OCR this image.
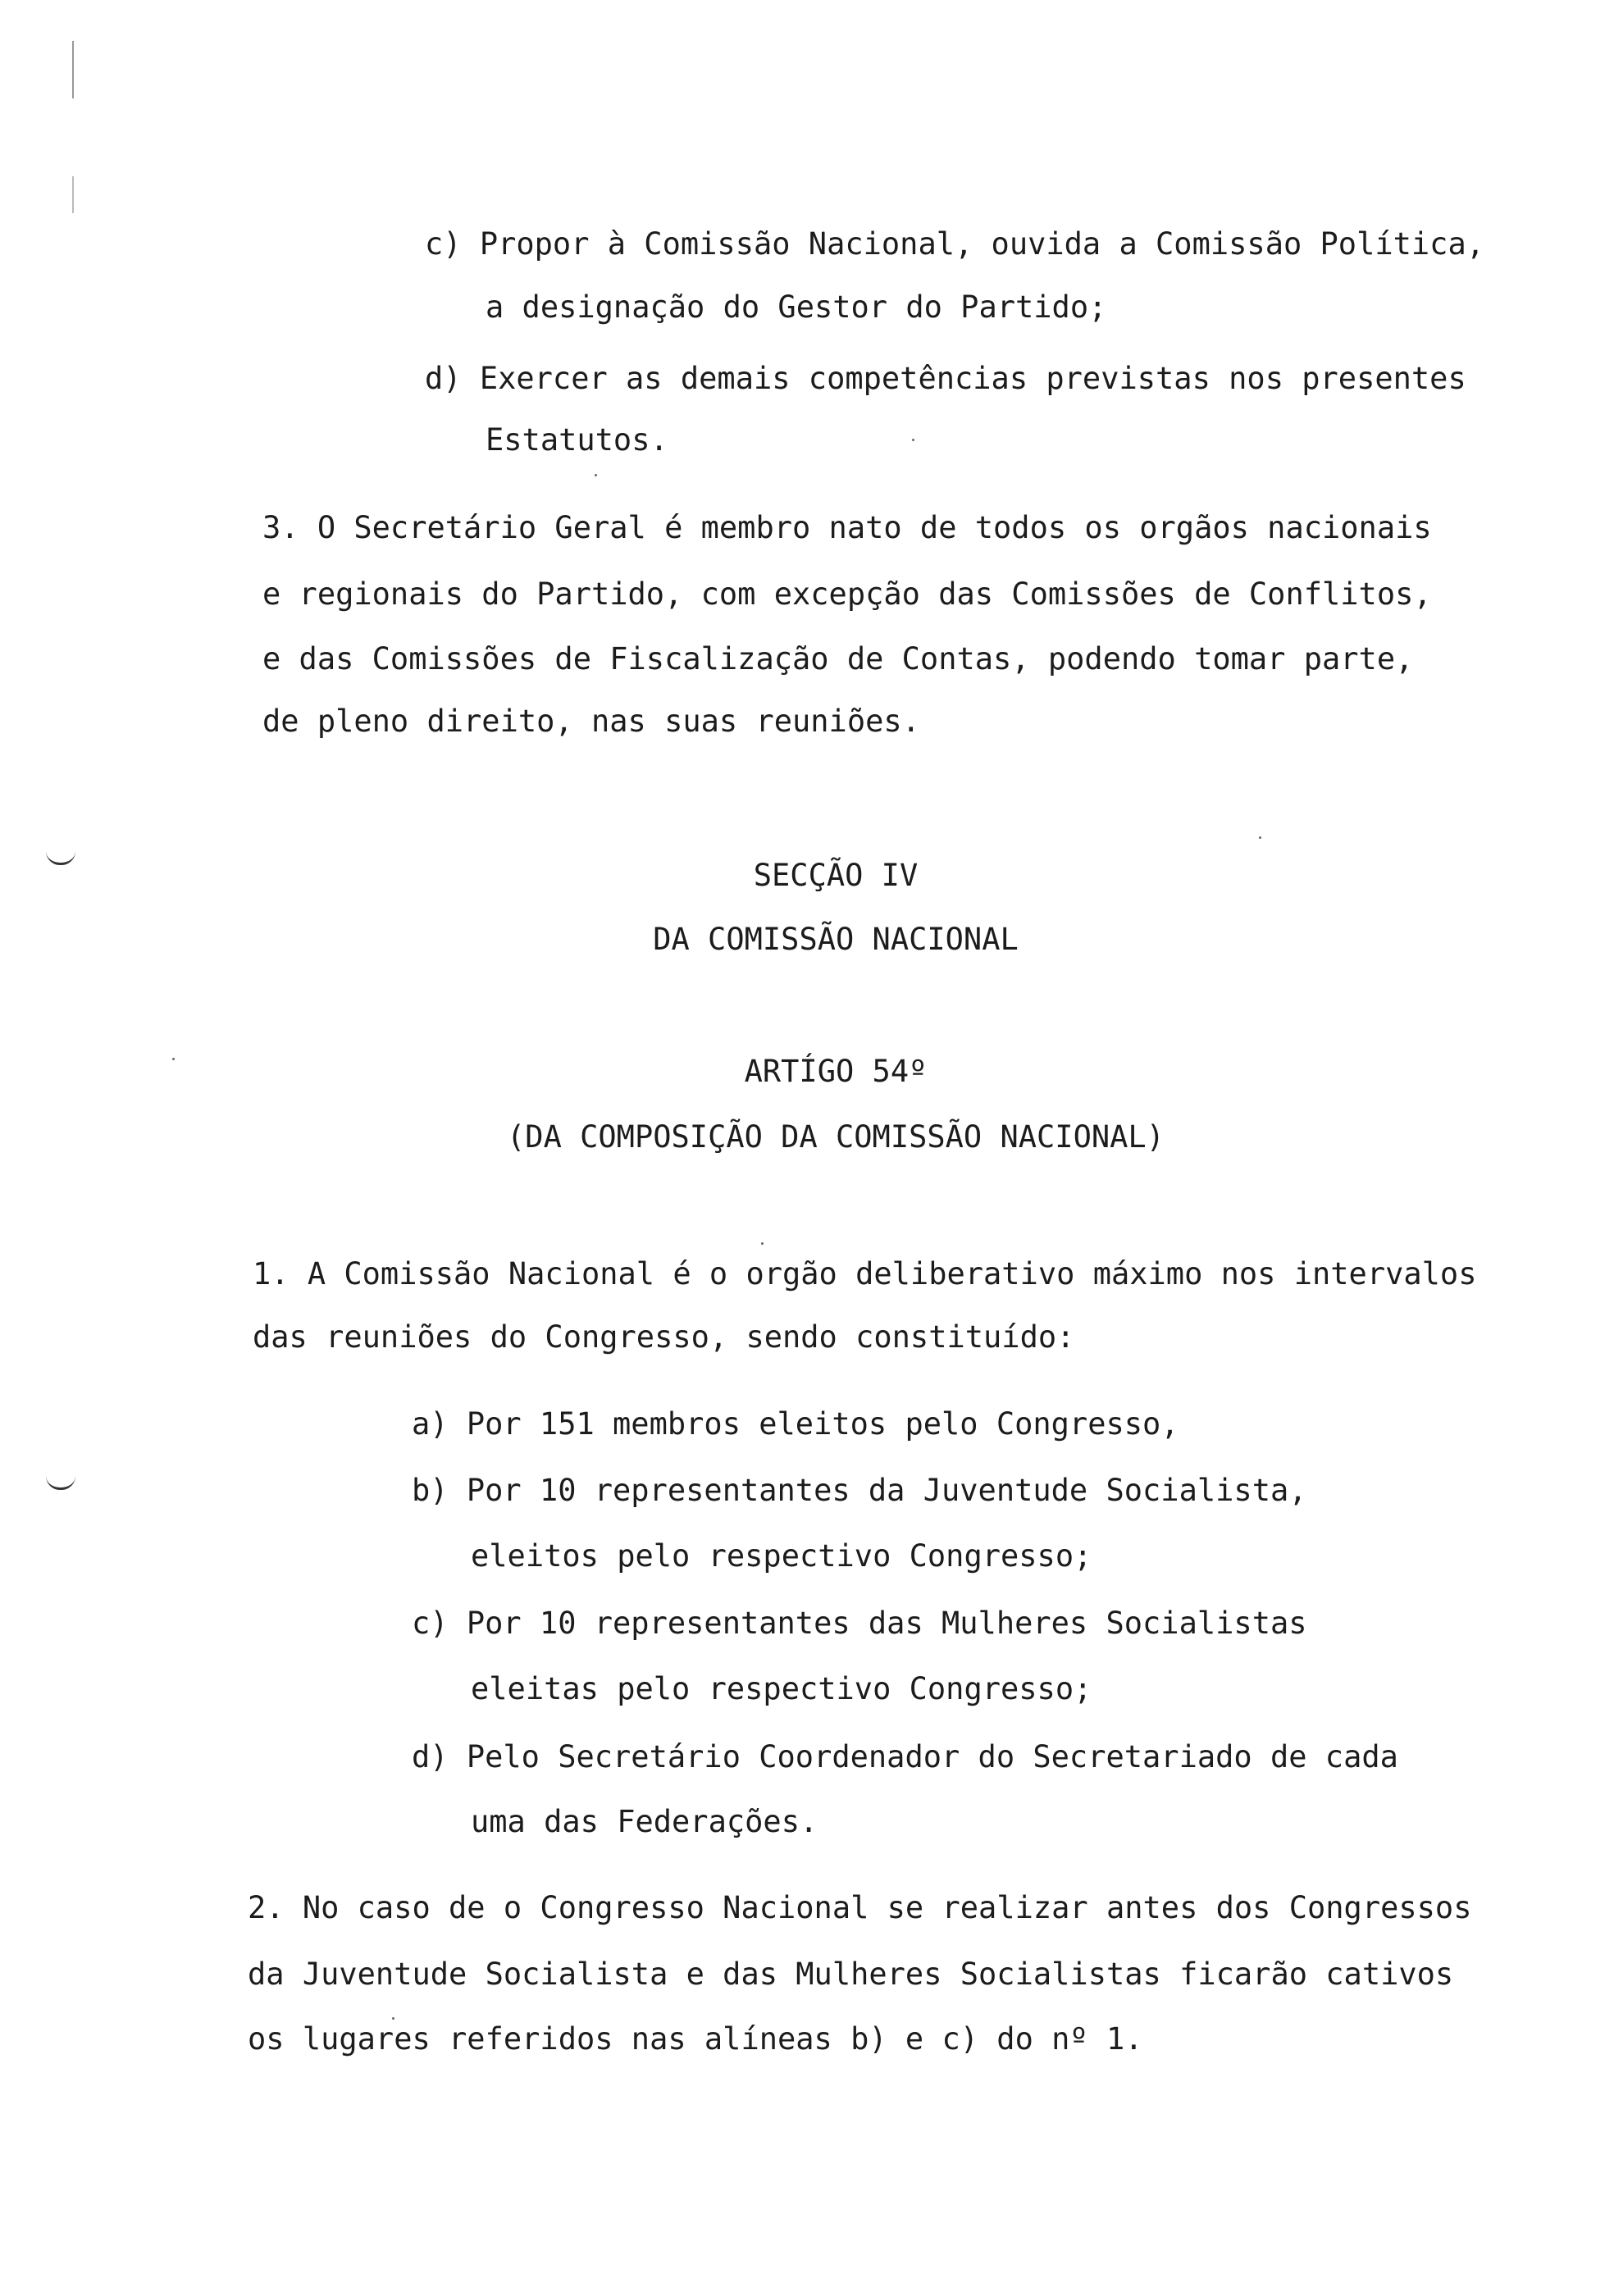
c) Propor à Comissão Nacional, ouvida a Comissão Política,
a designação do Gestor do Partido;
d) Exercer as demais competências previstas nos presentes
Estatutos.
3. O Secretário Geral é membro nato de todos os orgãos nacionais
e regionais do Partido, com excepção das Comissões de Conflitos,
e das Comissões de Fiscalização de Contas, podendo tomar parte,
de pleno direito, nas suas reuniões.
SECÇÃO IV
DA COMISSÃO NACIONAL
ARTÍGO 54º
(DA COMPOSIÇÃO DA COMISSÃO NACIONAL)
1. A Comissão Nacional é o orgão deliberativo máximo nos intervalos
das reuniões do Congresso, sendo constituído:
a) Por 151 membros eleitos pelo Congresso,
b) Por 10 representantes da Juventude Socialista,
eleitos pelo respectivo Congresso;
c) Por 10 representantes das Mulheres Socialistas
eleitas pelo respectivo Congresso;
d) Pelo Secretário Coordenador do Secretariado de cada
uma das Federações.
2. No caso de o Congresso Nacional se realizar antes dos Congressos
da Juventude Socialista e das Mulheres Socialistas ficarão cativos
os lugares referidos nas alíneas b) e c) do nº 1.
